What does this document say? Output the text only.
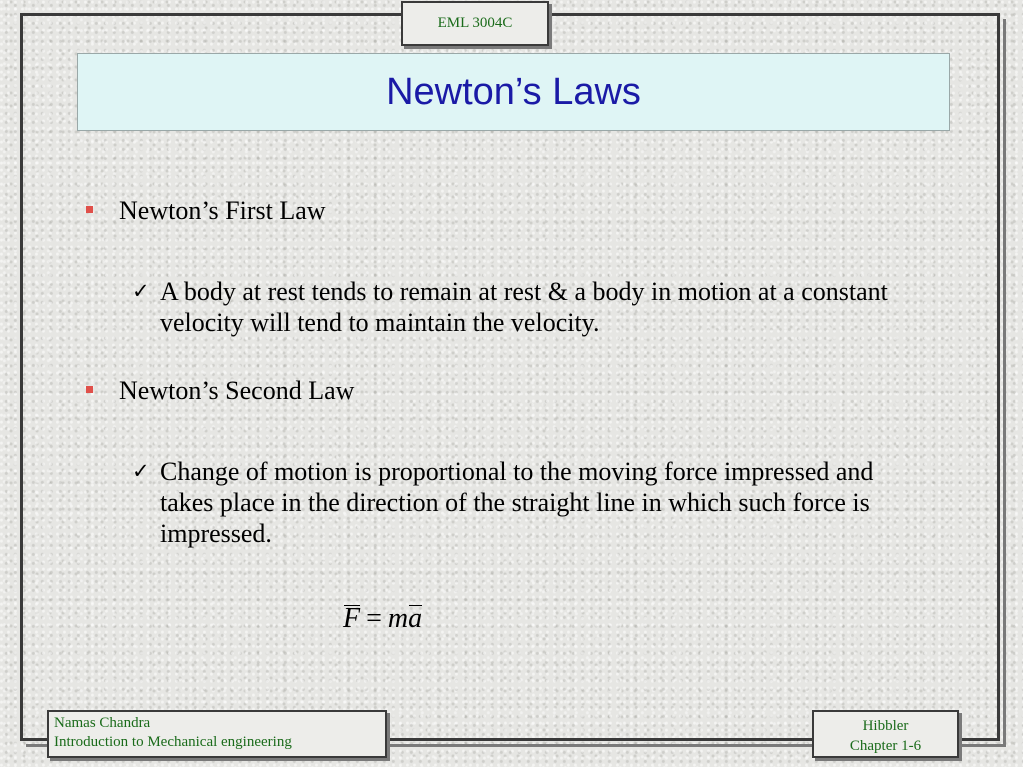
EML 3004C
Newton’s Laws
Newton’s First Law
✓ A body at rest tends to remain at rest & a body in motion at a constant velocity will tend to maintain the velocity.
Newton’s Second Law
✓ Change of motion is proportional to the moving force impressed and takes place in the direction of the straight line in which such force is impressed.
F = ma
Namas Chandra
Introduction to Mechanical engineering
Hibbler
Chapter 1-6
